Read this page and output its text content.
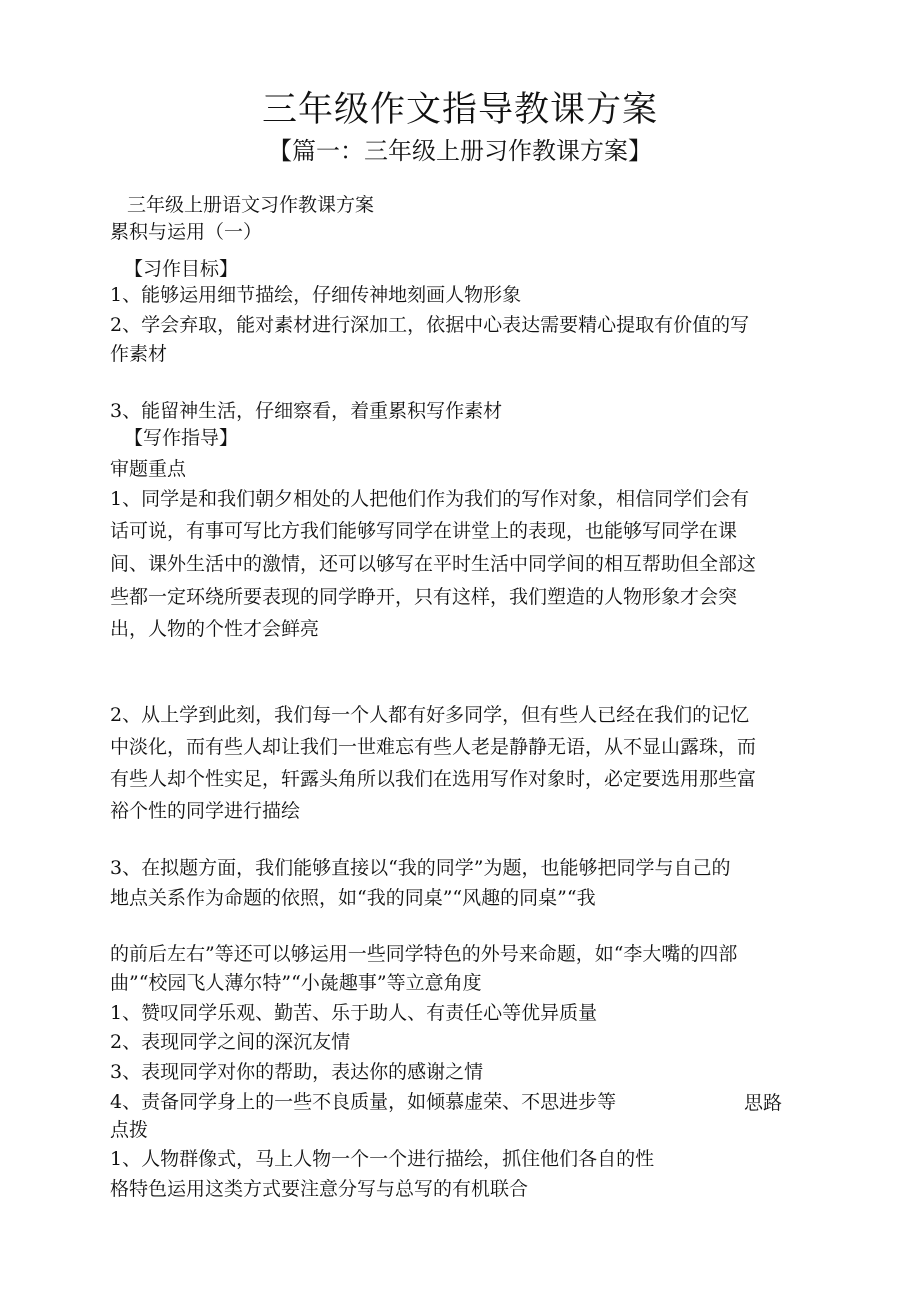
三年级作文指导教课方案
【篇一：三年级上册习作教课方案】

三年级上册语文习作教课方案

累积与运用（一）

【习作目标】

1、能够运用细节描绘，仔细传神地刻画人物形象

2、学会弃取，能对素材进行深加工，依据中心表达需要精心提取有价值的写

作素材

3、能留神生活，仔细察看，着重累积写作素材

【写作指导】

审题重点

1、同学是和我们朝夕相处的人把他们作为我们的写作对象，相信同学们会有

话可说，有事可写比方我们能够写同学在讲堂上的表现，也能够写同学在课

间、课外生活中的激情，还可以够写在平时生活中同学间的相互帮助但全部这

些都一定环绕所要表现的同学睁开，只有这样，我们塑造的人物形象才会突

出，人物的个性才会鲜亮

2、从上学到此刻，我们每一个人都有好多同学，但有些人已经在我们的记忆

中淡化，而有些人却让我们一世难忘有些人老是静静无语，从不显山露珠，而

有些人却个性实足，轩露头角所以我们在选用写作对象时，必定要选用那些富

裕个性的同学进行描绘

3、在拟题方面，我们能够直接以“我的同学”为题，也能够把同学与自己的

地点关系作为命题的依照，如“我的同桌”“风趣的同桌”“我

的前后左右”等还可以够运用一些同学特色的外号来命题，如“李大嘴的四部

曲”“校园飞人薄尔特”“小彘趣事”等立意角度

1、赞叹同学乐观、勤苦、乐于助人、有责任心等优异质量

2、表现同学之间的深沉友情

3、表现同学对你的帮助，表达你的感谢之情

4、责备同学身上的一些不良质量，如倾慕虚荣、不思进步等	思路

点拨

1、人物群像式，马上人物一个一个进行描绘，抓住他们各自的性

格特色运用这类方式要注意分写与总写的有机联合
